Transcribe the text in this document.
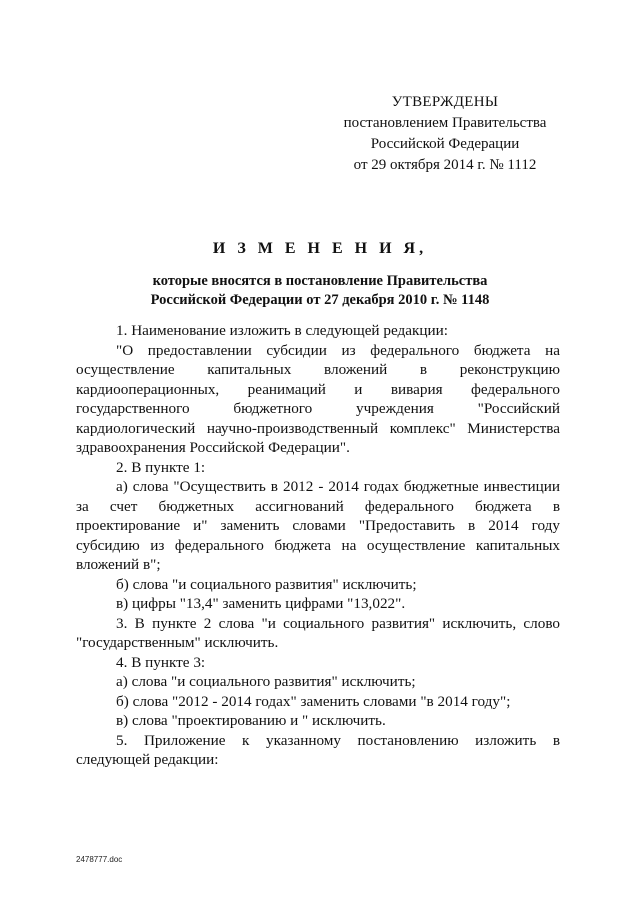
УТВЕРЖДЕНЫ
постановлением Правительства
Российской Федерации
от 29 октября 2014 г. № 1112
И З М Е Н Е Н И Я,
которые вносятся в постановление Правительства
Российской Федерации от 27 декабря 2010 г. № 1148

1. Наименование изложить в следующей редакции:

"О предоставлении субсидии из федерального бюджета на осуществление капитальных вложений в реконструкцию кардиооперационных, реанимаций и вивария федерального государственного бюджетного учреждения "Российский кардиологический научно-производственный комплекс" Министерства здравоохранения Российской Федерации".

2. В пункте 1:

а) слова "Осуществить в 2012 - 2014 годах бюджетные инвестиции за счет бюджетных ассигнований федерального бюджета в проектирование и" заменить словами "Предоставить в 2014 году субсидию из федерального бюджета на осуществление капитальных вложений в";

б) слова "и социального развития" исключить;

в) цифры "13,4" заменить цифрами "13,022".

3. В пункте 2 слова "и социального развития" исключить, слово "государственным" исключить.

4. В пункте 3:

а) слова "и социального развития" исключить;

б) слова "2012 - 2014 годах" заменить словами "в 2014 году";

в) слова "проектированию и " исключить.

5. Приложение к указанному постановлению изложить в следующей редакции:

2478777.doc
